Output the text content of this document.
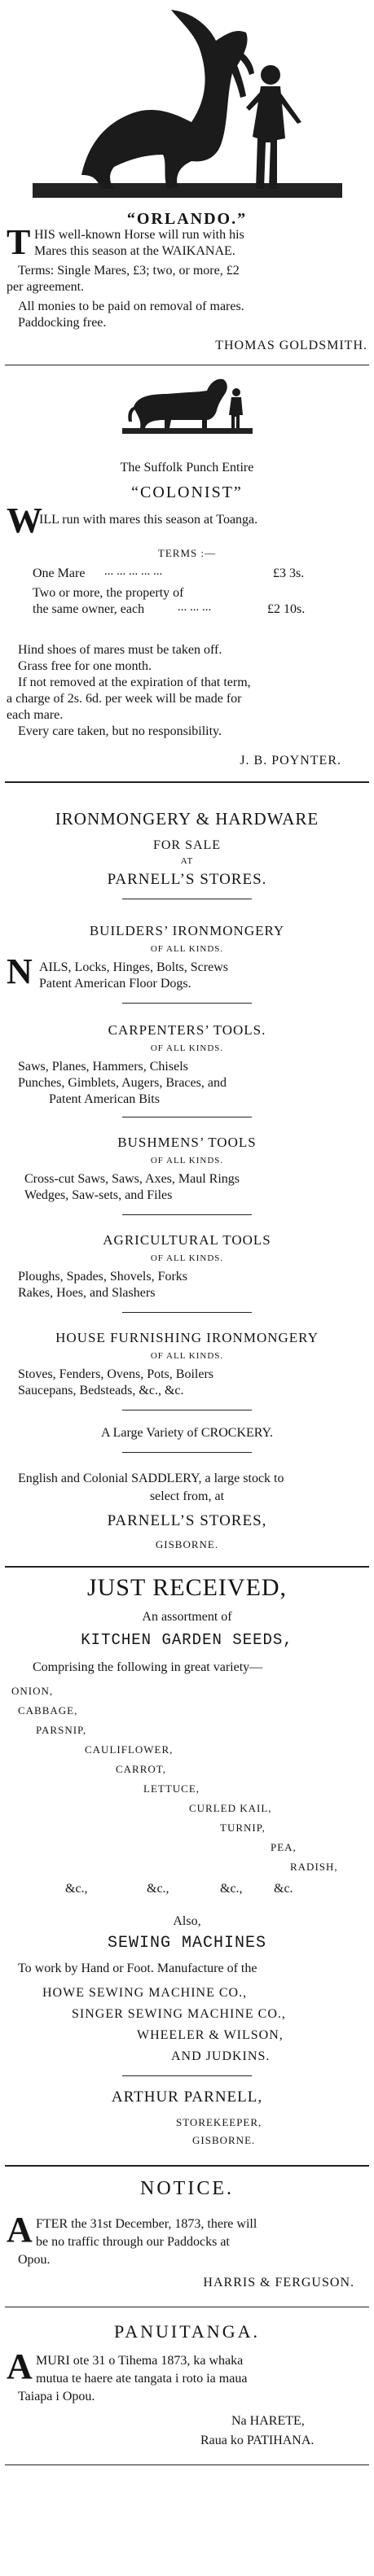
“ORLANDO.”
T HIS well-known Horse will run with his
Mares this season at the WAIKANAE.
Terms: Single Mares, £3; two, or more, £2
per agreement.
All monies to be paid on removal of mares.
Paddocking free.
THOMAS GOLDSMITH.
The Suffolk Punch Entire
“COLONIST”
W
ILL run with mares this season at Toanga.
TERMS :—
One Mare	... ... ... ... ...	£3 3s.
Two or more, the property of
the same owner, each	... ... ...	£2 10s.
Hind shoes of mares must be taken off.
Grass free for one month.
If not removed at the expiration of that term,
a charge of 2s. 6d. per week will be made for
each mare.
Every care taken, but no responsibility.
J. B. POYNTER.
IRONMONGERY & HARDWARE
FOR SALE
AT
PARNELL’S STORES.
BUILDERS’ IRONMONGERY
OF ALL KINDS.
N AILS, Locks, Hinges, Bolts, Screws
Patent American Floor Dogs.
CARPENTERS’ TOOLS.
OF ALL KINDS.
Saws, Planes, Hammers, Chisels
Punches, Gimblets, Augers, Braces, and
Patent American Bits
BUSHMENS’ TOOLS
OF ALL KINDS.
Cross-cut Saws, Saws, Axes, Maul Rings
Wedges, Saw-sets, and Files
AGRICULTURAL TOOLS
OF ALL KINDS.
Ploughs, Spades, Shovels, Forks
Rakes, Hoes, and Slashers
HOUSE FURNISHING IRONMONGERY
OF ALL KINDS.
Stoves, Fenders, Ovens, Pots, Boilers
Saucepans, Bedsteads, &c., &c.
A Large Variety of CROCKERY.
English and Colonial SADDLERY, a large stock to
select from, at
PARNELL’S STORES,
GISBORNE.
JUST RECEIVED,
An assortment of
KITCHEN GARDEN SEEDS,
Comprising the following in great variety—
ONION,
CABBAGE,
PARSNIP,
CAULIFLOWER,
CARROT,
LETTUCE,
CURLED KAIL,
TURNIP,
PEA,
RADISH,
&c.,	&c.,	&c.,	&c.
Also,
SEWING MACHINES
To work by Hand or Foot. Manufacture of the
HOWE SEWING MACHINE CO.,
SINGER SEWING MACHINE CO.,
WHEELER & WILSON,
AND JUDKINS.
ARTHUR PARNELL,
STOREKEEPER,
GISBORNE.
NOTICE.
A FTER the 31st December, 1873, there will
be no traffic through our Paddocks at
Opou.
HARRIS & FERGUSON.
PANUITANGA.
A MURI ote 31 o Tihema 1873, ka whaka
mutua te haere ate tangata i roto ia maua
Taiapa i Opou.
Na HARETE,
Raua ko PATIHANA.
